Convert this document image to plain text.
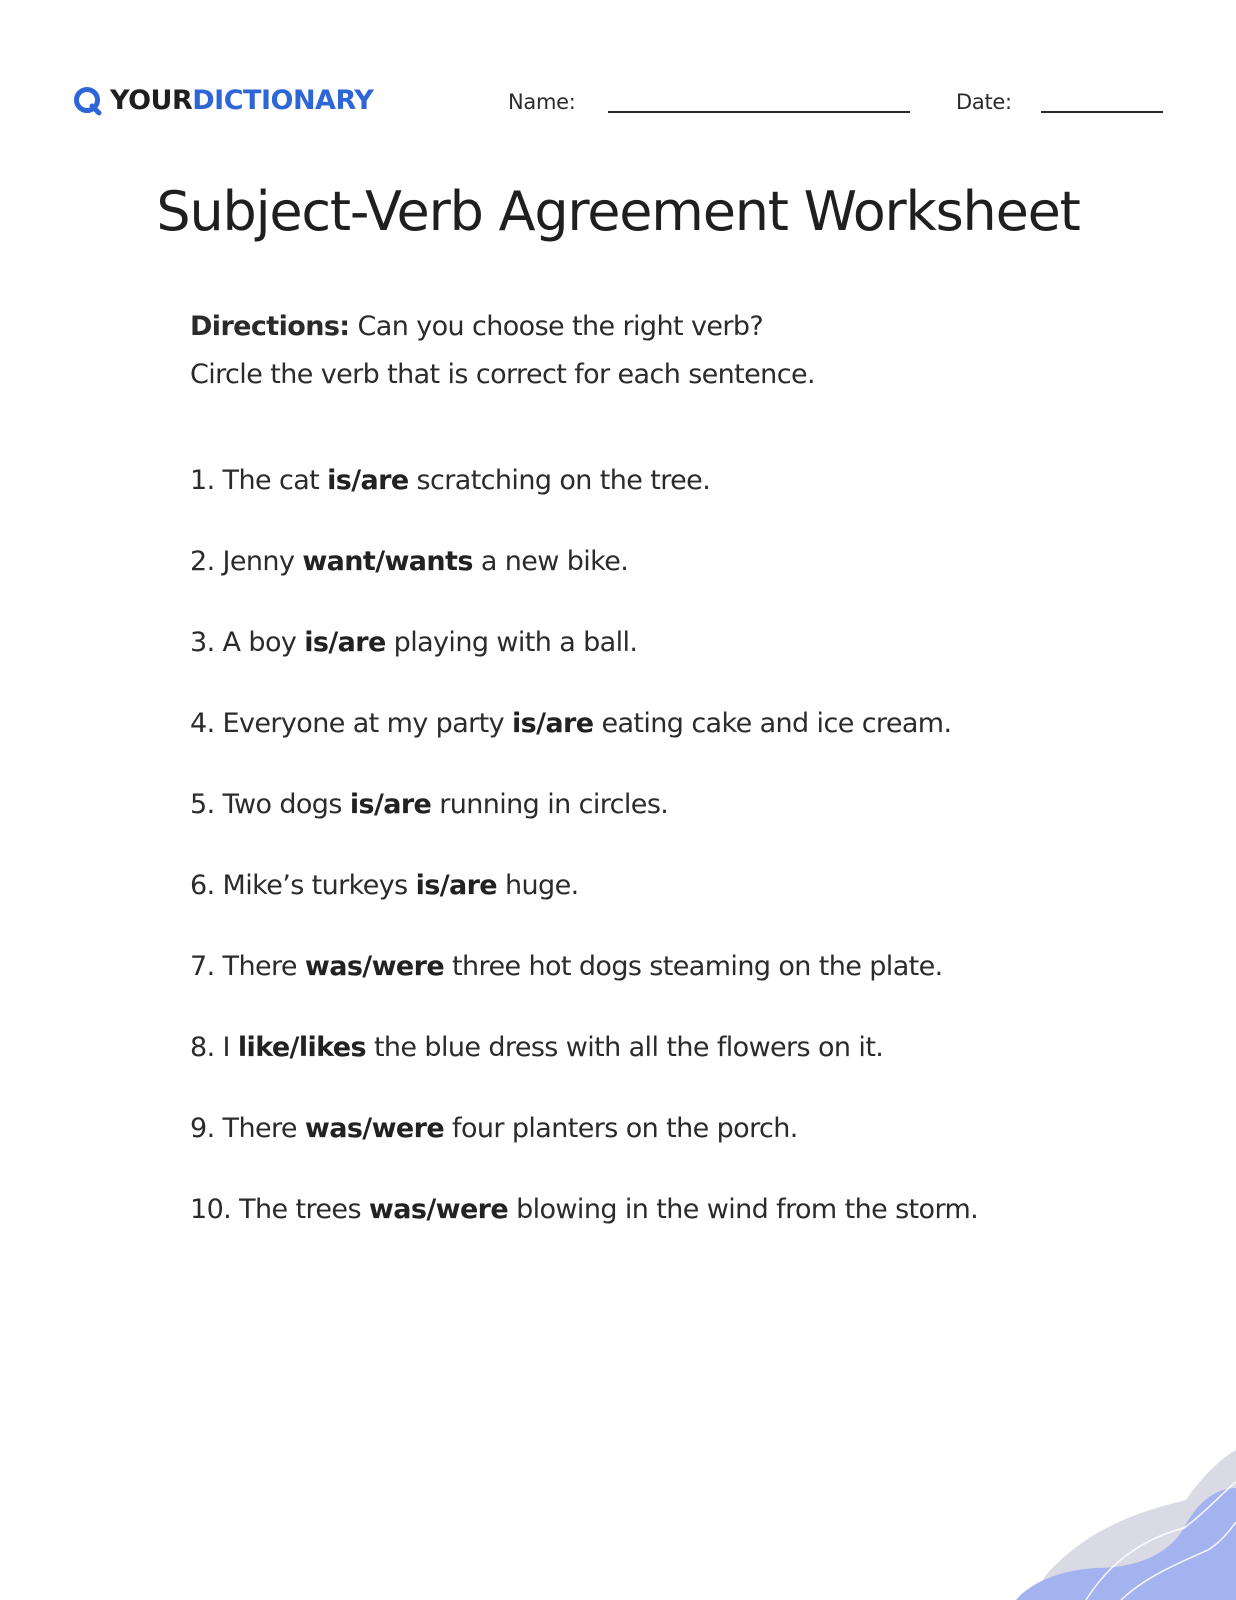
YOURDICTIONARY	Name:	Date:
Subject-Verb Agreement Worksheet
Directions: Can you choose the right verb?
Circle the verb that is correct for each sentence.
1. The cat is/are scratching on the tree.
2. Jenny want/wants a new bike.
3. A boy is/are playing with a ball.
4. Everyone at my party is/are eating cake and ice cream.
5. Two dogs is/are running in circles.
6. Mike’s turkeys is/are huge.
7. There was/were three hot dogs steaming on the plate.
8. I like/likes the blue dress with all the flowers on it.
9. There was/were four planters on the porch.
10. The trees was/were blowing in the wind from the storm.
